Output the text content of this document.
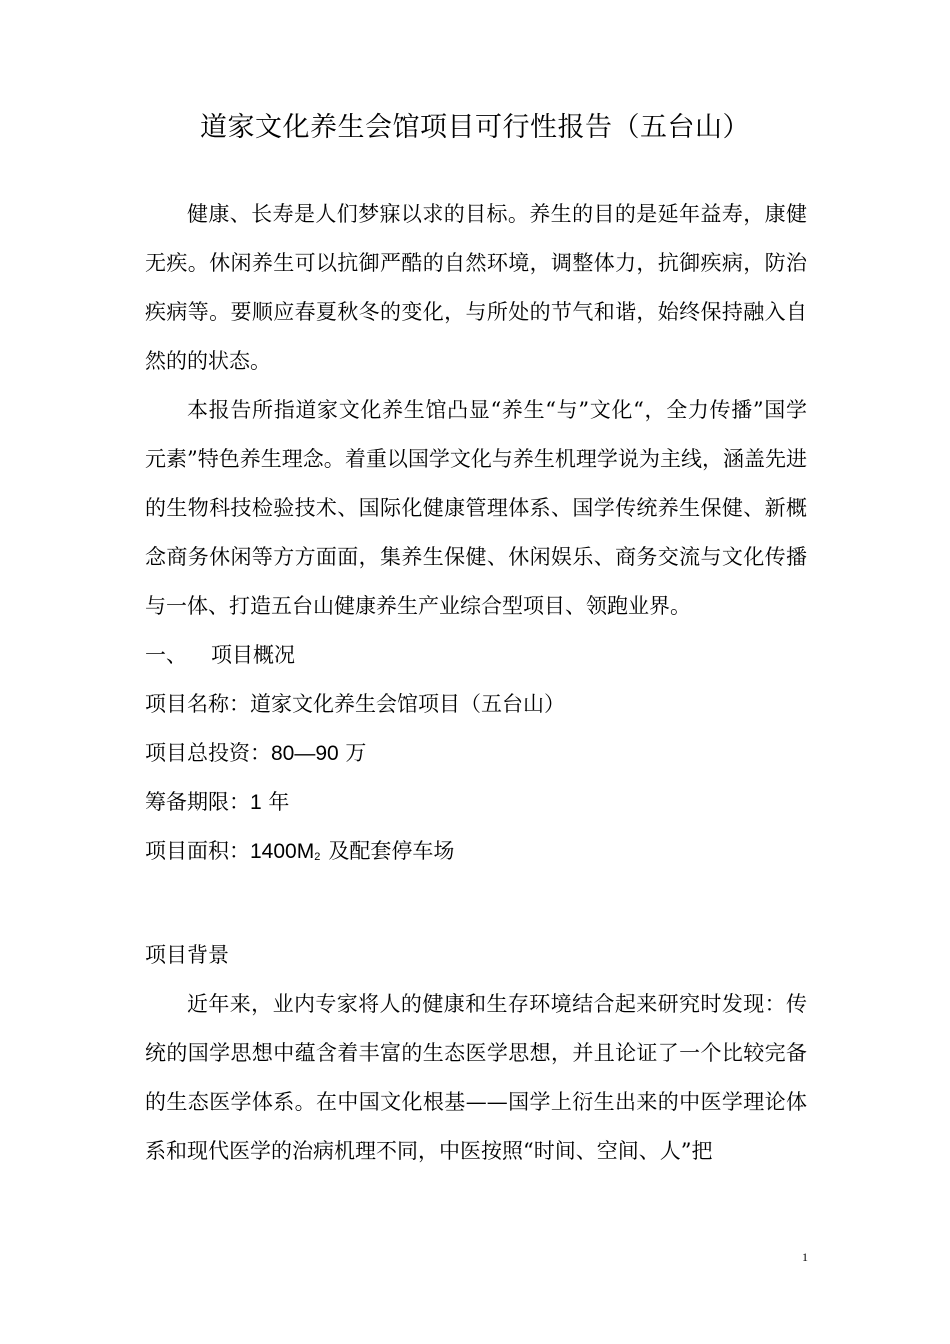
道家文化养生会馆项目可行性报告（五台山）

健康、长寿是人们梦寐以求的目标。养生的目的是延年益寿，康健无疾。休闲养生可以抗御严酷的自然环境，调整体力，抗御疾病，防治疾病等。要顺应春夏秋冬的变化，与所处的节气和谐，始终保持融入自然的的状态。

本报告所指道家文化养生馆凸显“养生“与”文化“，全力传播”国学元素”特色养生理念。着重以国学文化与养生机理学说为主线，涵盖先进的生物科技检验技术、国际化健康管理体系、国学传统养生保健、新概念商务休闲等方方面面，集养生保健、休闲娱乐、商务交流与文化传播与一体、打造五台山健康养生产业综合型项目、领跑业界。

一、 项目概况

项目名称：道家文化养生会馆项目（五台山）

项目总投资：80—90 万

筹备期限：1 年

项目面积：1400M2 及配套停车场

项目背景

近年来，业内专家将人的健康和生存环境结合起来研究时发现：传统的国学思想中蕴含着丰富的生态医学思想，并且论证了一个比较完备的生态医学体系。在中国文化根基——国学上衍生出来的中医学理论体系和现代医学的治病机理不同，中医按照“时间、空间、人”把

1
